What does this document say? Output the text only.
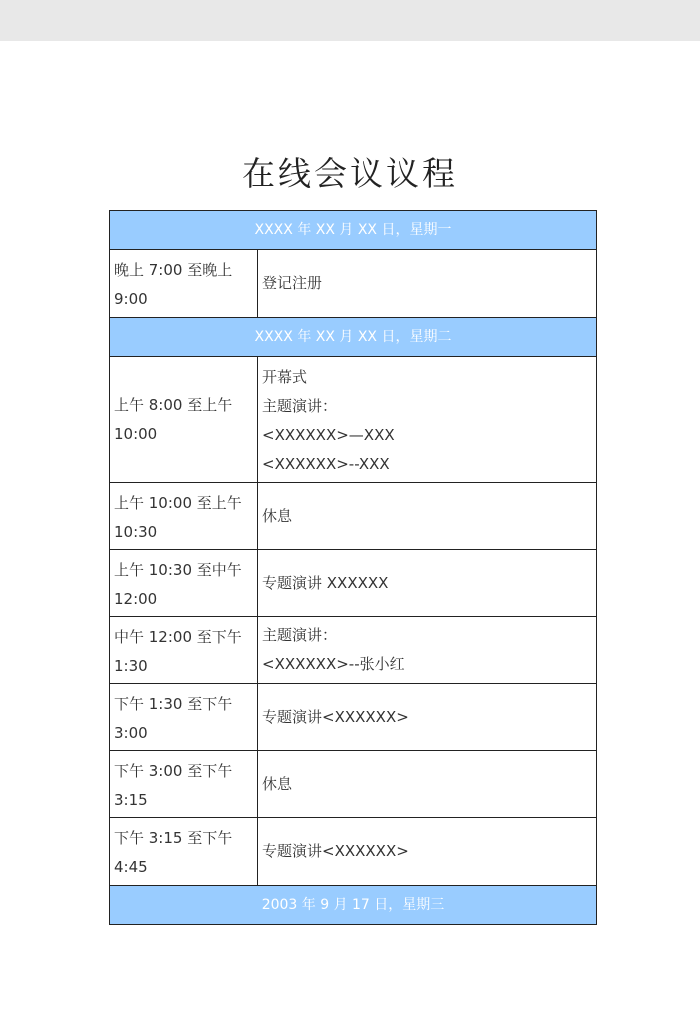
在线会议议程
XXXX 年 XX 月 XX 日，星期一
晚上 7:00 至晚上
9:00
登记注册
XXXX 年 XX 月 XX 日，星期二
上午 8:00 至上午
10:00
开幕式
主题演讲：
<XXXXXX>—XXX
<XXXXXX>--XXX
上午 10:00 至上午
10:30
休息
上午 10:30 至中午
12:00
专题演讲 XXXXXX
中午 12:00 至下午
1:30
主题演讲：
<XXXXXX>--张小红
下午 1:30 至下午
3:00
专题演讲<XXXXXX>
下午 3:00 至下午
3:15
休息
下午 3:15 至下午
4:45
专题演讲<XXXXXX>
2003 年 9 月 17 日，星期三
